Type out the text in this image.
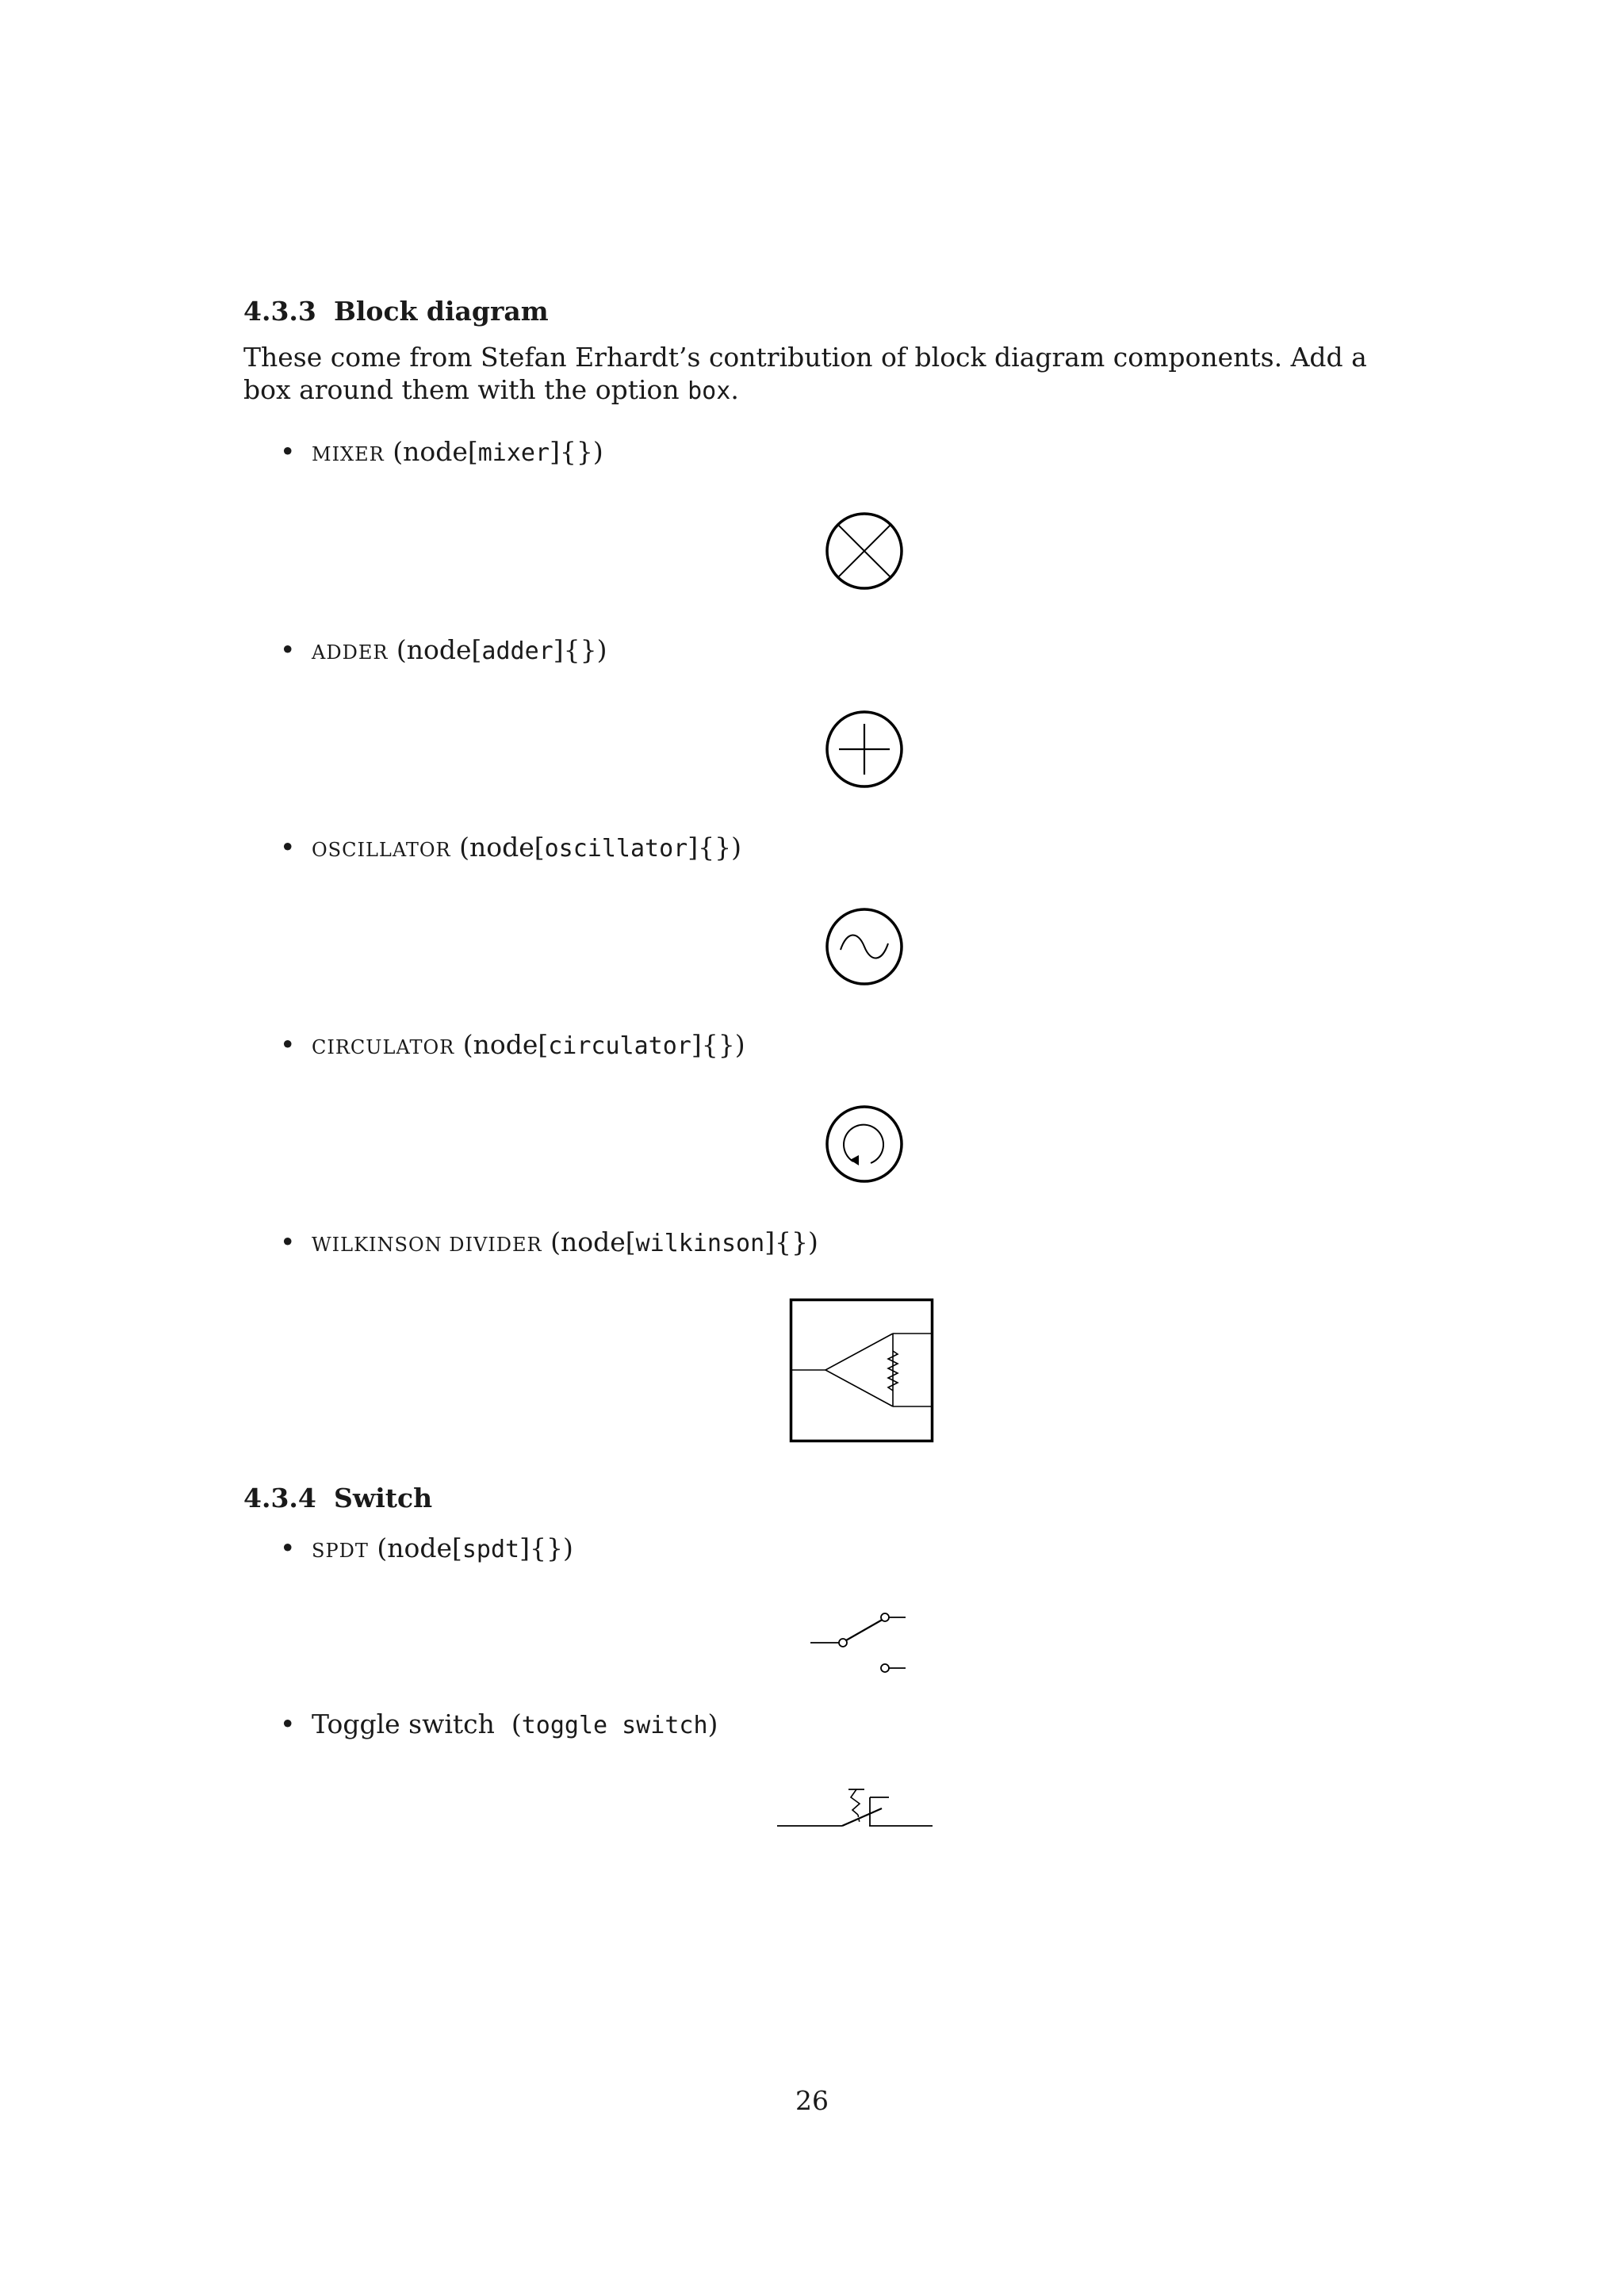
4.3.3 Block diagram
These come from Stefan Erhardt’s contribution of block diagram components. Add a box around them with the option box.
• MIXER (node[mixer]{})
• ADDER (node[adder]{})
• OSCILLATOR (node[oscillator]{})
• CIRCULATOR (node[circulator]{})
• WILKINSON DIVIDER (node[wilkinson]{})
4.3.4 Switch
• SPDT (node[spdt]{})
• Toggle switch  (toggle switch)
26
